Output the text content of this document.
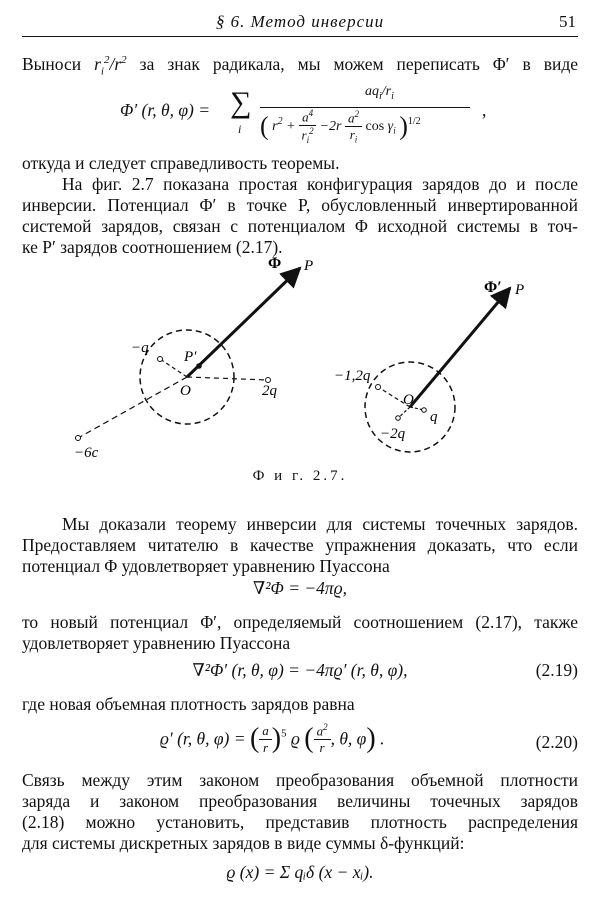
§ 6. Метод инверсии	51
Выноси $r_i^2/r^2$ за знак радикала, мы можем переписать Φ′ в виде
Φ′ (r, θ, φ) = ∑
i
$aq_i/r_i$
( $r^2 + \frac{a^4}{r_i^2} -2r \frac{a^2}{r_i}$ $\cos \gamma_i$ )$^{1/2}$
,
откуда и следует справедливость теоремы.
На фиг. 2.7 показана простая конфигурация зарядов до и после
инверсии. Потенциал Φ′ в точке P, обусловленный инвертированной
системой зарядов, связан с потенциалом Φ исходной системы в точ-
ке P′ зарядов соотношением (2.17).
Φ P
−q
P′
O	2q
−6c
Φ′ P
−1,2q
O
q
−2q
Ф и г. 2.7.
Мы доказали теорему инверсии для системы точечных зарядов.
Предоставляем читателю в качестве упражнения доказать, что если
потенциал Φ удовлетворяет уравнению Пуассона
∇²Φ = −4πϱ,
то новый потенциал Φ′, определяемый соотношением (2.17), также
удовлетворяет уравнению Пуассона
∇²Φ′ (r, θ, φ) = −4πϱ′ (r, θ, φ),	(2.19)
где новая объемная плотность зарядов равна
ϱ′ (r, θ, φ) = ( $\frac{a}{r} )^5$ ϱ ( $\frac{a^2}{r}$ , θ, φ) .	(2.20)
Связь между этим законом преобразования объемной плотности
заряда и законом преобразования величины точечных зарядов
(2.18) можно установить, представив плотность распределения
для системы дискретных зарядов в виде суммы δ-функций:
ϱ (x) = Σ qᵢδ (x − xᵢ).
